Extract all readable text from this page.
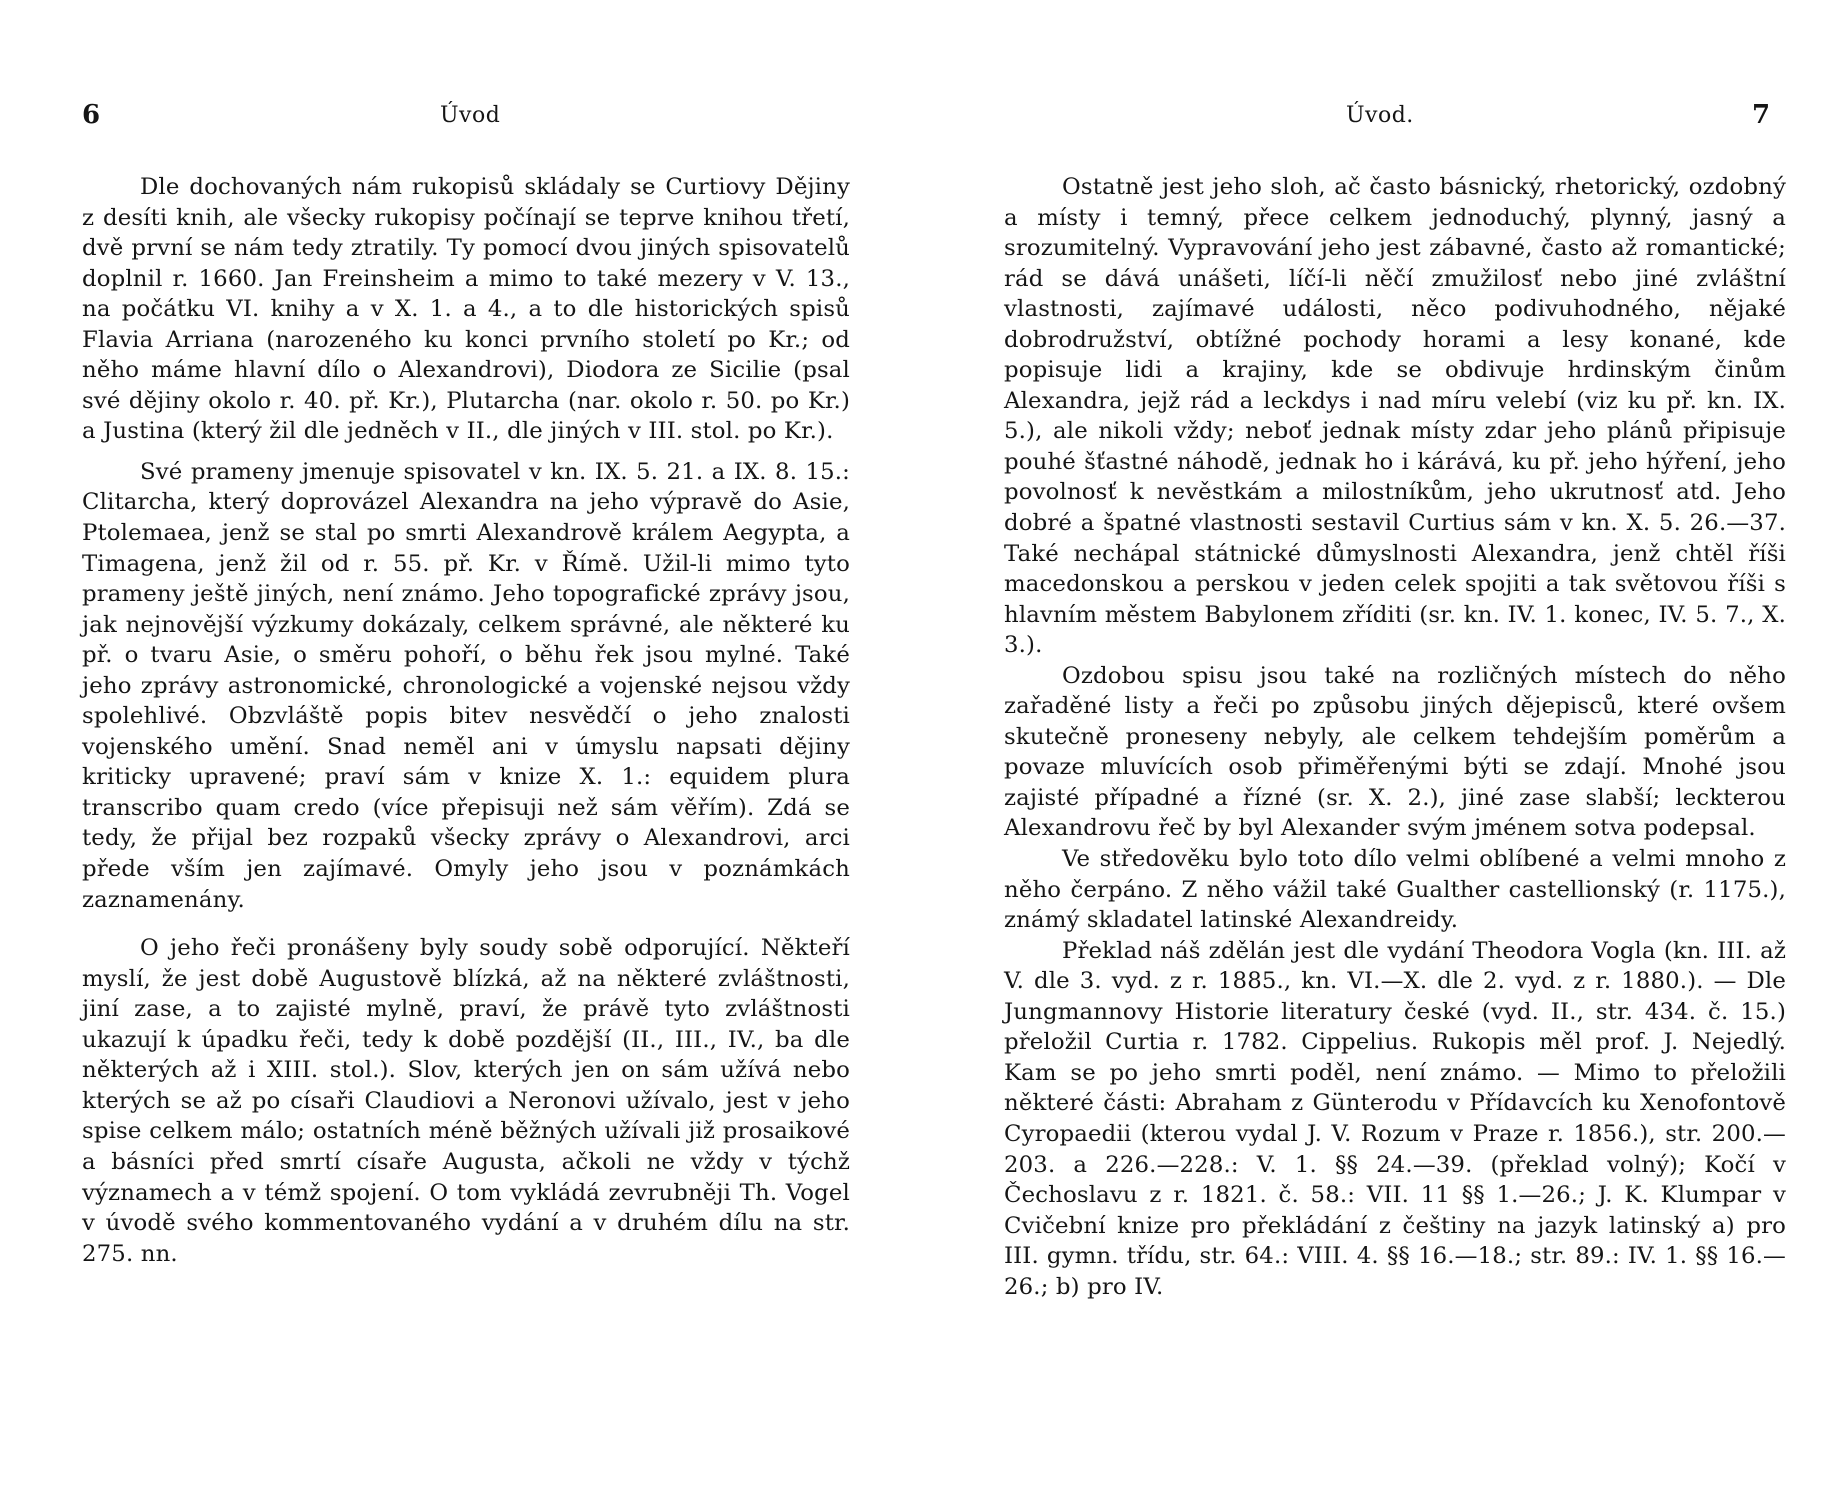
6	Úvod

Dle dochovaných nám rukopisů skládaly se Curtiovy Dějiny z desíti knih, ale všecky rukopisy počínají se teprve knihou třetí, dvě první se nám tedy ztratily. Ty pomocí dvou jiných spisovatelů doplnil r. 1660. Jan Freinsheim a mimo to také mezery v V. 13., na počátku VI. knihy a v X. 1. a 4., a to dle historických spisů Flavia Arriana (narozeného ku konci prvního století po Kr.; od něho máme hlavní dílo o Alexandrovi), Diodora ze Sicilie (psal své dějiny okolo r. 40. př. Kr.), Plutarcha (nar. okolo r. 50. po Kr.) a Justina (který žil dle jedněch v II., dle jiných v III. stol. po Kr.).

Své prameny jmenuje spisovatel v kn. IX. 5. 21. a IX. 8. 15.: Clitarcha, který doprovázel Alexandra na jeho výpravě do Asie, Ptolemaea, jenž se stal po smrti Alexandrově králem Aegypta, a Timagena, jenž žil od r. 55. př. Kr. v Římě. Užil-li mimo tyto prameny ještě jiných, není známo. Jeho topografické zprávy jsou, jak nejnovější výzkumy dokázaly, celkem správné, ale některé ku př. o tvaru Asie, o směru pohoří, o běhu řek jsou mylné. Také jeho zprávy astronomické, chronologické a vojenské nejsou vždy spolehlivé. Obzvláště popis bitev nesvědčí o jeho znalosti vojenského umění. Snad neměl ani v úmyslu napsati dějiny kriticky upravené; praví sám v knize X. 1.: equidem plura transcribo quam credo (více přepisuji než sám věřím). Zdá se tedy, že přijal bez rozpaků všecky zprávy o Alexandrovi, arci přede vším jen zajímavé. Omyly jeho jsou v poznámkách zaznamenány.

O jeho řeči pronášeny byly soudy sobě odporující. Někteří myslí, že jest době Augustově blízká, až na některé zvláštnosti, jiní zase, a to zajisté mylně, praví, že právě tyto zvláštnosti ukazují k úpadku řeči, tedy k době pozdější (II., III., IV., ba dle některých až i XIII. stol.). Slov, kterých jen on sám užívá nebo kterých se až po císaři Claudiovi a Neronovi užívalo, jest v jeho spise celkem málo; ostatních méně běžných užívali již prosaikové a básníci před smrtí císaře Augusta, ačkoli ne vždy v týchž významech a v témž spojení. O tom vykládá zevrubněji Th. Vogel v úvodě svého kommentovaného vydání a v druhém dílu na str. 275. nn.

Úvod.	7

Ostatně jest jeho sloh, ač často básnický, rhetorický, ozdobný a místy i temný, přece celkem jednoduchý, plynný, jasný a srozumitelný. Vypravování jeho jest zábavné, často až romantické; rád se dává unášeti, líčí-li něčí zmužilosť nebo jiné zvláštní vlastnosti, zajímavé události, něco podivuhodného, nějaké dobrodružství, obtížné pochody horami a lesy konané, kde popisuje lidi a krajiny, kde se obdivuje hrdinským činům Alexandra, jejž rád a leckdys i nad míru velebí (viz ku př. kn. IX. 5.), ale nikoli vždy; neboť jednak místy zdar jeho plánů připisuje pouhé šťastné náhodě, jednak ho i kárává, ku př. jeho hýření, jeho povolnosť k nevěstkám a milostníkům, jeho ukrutnosť atd. Jeho dobré a špatné vlastnosti sestavil Curtius sám v kn. X. 5. 26.—37. Také nechápal státnické důmyslnosti Alexandra, jenž chtěl říši macedonskou a perskou v jeden celek spojiti a tak světovou říši s hlavním městem Babylonem zříditi (sr. kn. IV. 1. konec, IV. 5. 7., X. 3.).

Ozdobou spisu jsou také na rozličných místech do něho zařaděné listy a řeči po způsobu jiných dějepisců, které ovšem skutečně proneseny nebyly, ale celkem tehdejším poměrům a povaze mluvících osob přiměřenými býti se zdají. Mnohé jsou zajisté případné a řízné (sr. X. 2.), jiné zase slabší; leckterou Alexandrovu řeč by byl Alexander svým jménem sotva podepsal.

Ve středověku bylo toto dílo velmi oblíbené a velmi mnoho z něho čerpáno. Z něho vážil také Gualther castellionský (r. 1175.), známý skladatel latinské Alexandreidy.

Překlad náš zdělán jest dle vydání Theodora Vogla (kn. III. až V. dle 3. vyd. z r. 1885., kn. VI.—X. dle 2. vyd. z r. 1880.). — Dle Jungmannovy Historie literatury české (vyd. II., str. 434. č. 15.) přeložil Curtia r. 1782. Cippelius. Rukopis měl prof. J. Nejedlý. Kam se po jeho smrti poděl, není známo. — Mimo to přeložili některé části: Abraham z Günterodu v Přídavcích ku Xenofontově Cyropaedii (kterou vydal J. V. Rozum v Praze r. 1856.), str. 200.—203. a 226.—228.: V. 1. §§ 24.—39. (překlad volný); Kočí v Čechoslavu z r. 1821. č. 58.: VII. 11 §§ 1.—26.; J. K. Klumpar v Cvičební knize pro překládání z češtiny na jazyk latinský a) pro III. gymn. třídu, str. 64.: VIII. 4. §§ 16.—18.; str. 89.: IV. 1. §§ 16.—26.; b) pro IV.
